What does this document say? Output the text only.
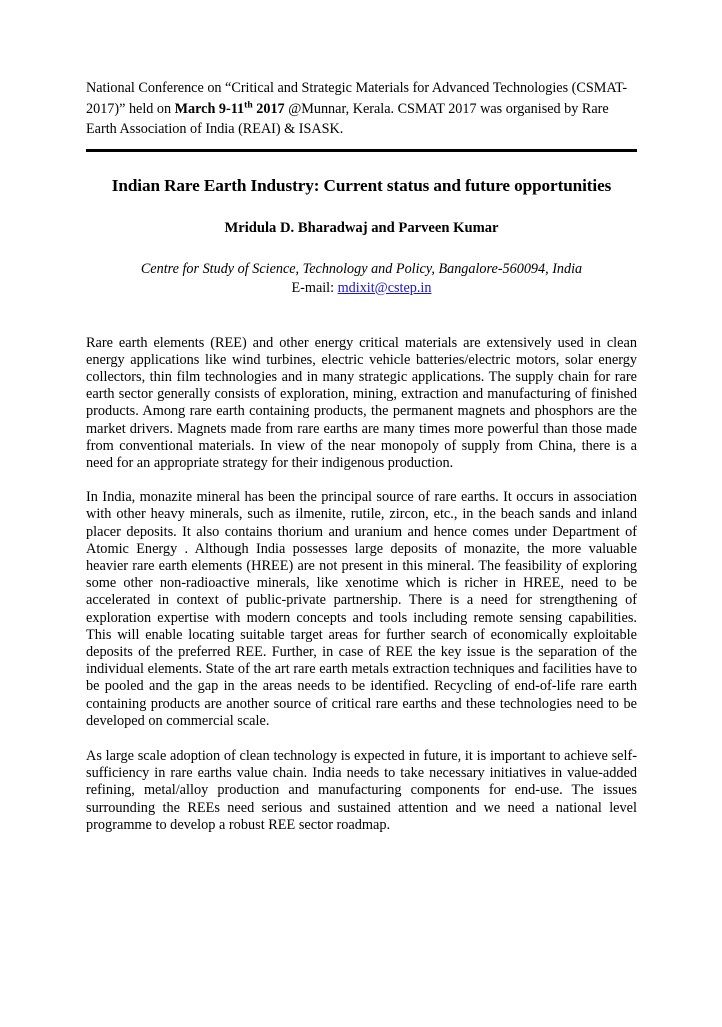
National Conference on “Critical and Strategic Materials for Advanced Technologies (CSMAT-2017)” held on March 9-11th 2017 @Munnar, Kerala. CSMAT 2017 was organised by Rare Earth Association of India (REAI) & ISASK.

Indian Rare Earth Industry: Current status and future opportunities

Mridula D. Bharadwaj and Parveen Kumar

Centre for Study of Science, Technology and Policy, Bangalore-560094, India

E-mail: mdixit@cstep.in

Rare earth elements (REE) and other energy critical materials are extensively used in clean energy applications like wind turbines, electric vehicle batteries/electric motors, solar energy collectors, thin film technologies and in many strategic applications. The supply chain for rare earth sector generally consists of exploration, mining, extraction and manufacturing of finished products. Among rare earth containing products, the permanent magnets and phosphors are the market drivers. Magnets made from rare earths are many times more powerful than those made from conventional materials. In view of the near monopoly of supply from China, there is a need for an appropriate strategy for their indigenous production.

In India, monazite mineral has been the principal source of rare earths. It occurs in association with other heavy minerals, such as ilmenite, rutile, zircon, etc., in the beach sands and inland placer deposits. It also contains thorium and uranium and hence comes under Department of Atomic Energy . Although India possesses large deposits of monazite, the more valuable heavier rare earth elements (HREE) are not present in this mineral. The feasibility of exploring some other non-radioactive minerals, like xenotime which is richer in HREE, need to be accelerated in context of public-private partnership. There is a need for strengthening of exploration expertise with modern concepts and tools including remote sensing capabilities. This will enable locating suitable target areas for further search of economically exploitable deposits of the preferred REE. Further, in case of REE the key issue is the separation of the individual elements. State of the art rare earth metals extraction techniques and facilities have to be pooled and the gap in the areas needs to be identified. Recycling of end-of-life rare earth containing products are another source of critical rare earths and these technologies need to be developed on commercial scale.

As large scale adoption of clean technology is expected in future, it is important to achieve self-sufficiency in rare earths value chain. India needs to take necessary initiatives in value-added refining, metal/alloy production and manufacturing components for end-use. The issues surrounding the REEs need serious and sustained attention and we need a national level programme to develop a robust REE sector roadmap.
